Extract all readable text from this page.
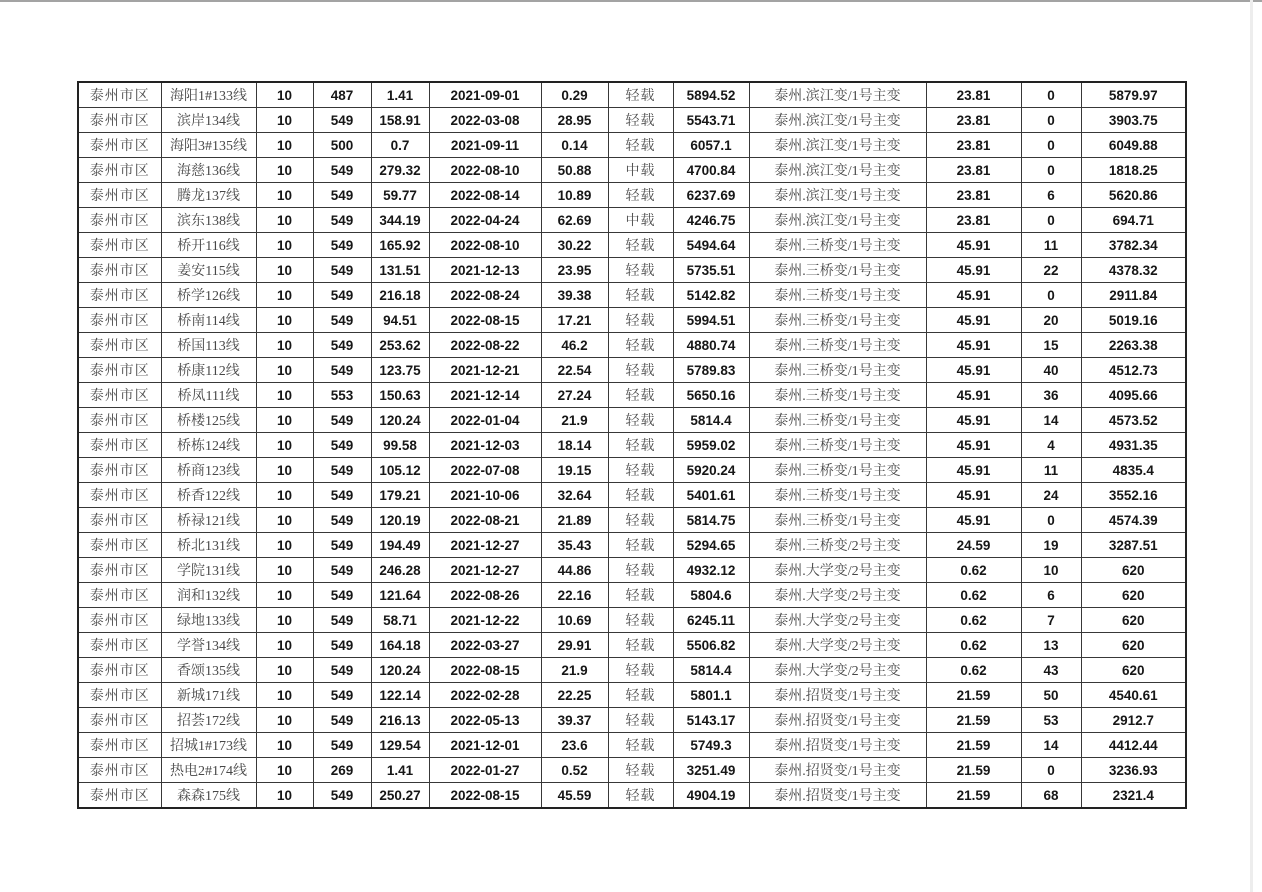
泰州市区	海阳1#133线	10	487	1.41	2021-09-01	0.29	轻载	5894.52	泰州.滨江变/1号主变	23.81	0	5879.97
泰州市区	滨岸134线	10	549	158.91	2022-03-08	28.95	轻载	5543.71	泰州.滨江变/1号主变	23.81	0	3903.75
泰州市区	海阳3#135线	10	500	0.7	2021-09-11	0.14	轻载	6057.1	泰州.滨江变/1号主变	23.81	0	6049.88
泰州市区	海慈136线	10	549	279.32	2022-08-10	50.88	中载	4700.84	泰州.滨江变/1号主变	23.81	0	1818.25
泰州市区	腾龙137线	10	549	59.77	2022-08-14	10.89	轻载	6237.69	泰州.滨江变/1号主变	23.81	6	5620.86
泰州市区	滨东138线	10	549	344.19	2022-04-24	62.69	中载	4246.75	泰州.滨江变/1号主变	23.81	0	694.71
泰州市区	桥开116线	10	549	165.92	2022-08-10	30.22	轻载	5494.64	泰州.三桥变/1号主变	45.91	11	3782.34
泰州市区	姜安115线	10	549	131.51	2021-12-13	23.95	轻载	5735.51	泰州.三桥变/1号主变	45.91	22	4378.32
泰州市区	桥学126线	10	549	216.18	2022-08-24	39.38	轻载	5142.82	泰州.三桥变/1号主变	45.91	0	2911.84
泰州市区	桥南114线	10	549	94.51	2022-08-15	17.21	轻载	5994.51	泰州.三桥变/1号主变	45.91	20	5019.16
泰州市区	桥国113线	10	549	253.62	2022-08-22	46.2	轻载	4880.74	泰州.三桥变/1号主变	45.91	15	2263.38
泰州市区	桥康112线	10	549	123.75	2021-12-21	22.54	轻载	5789.83	泰州.三桥变/1号主变	45.91	40	4512.73
泰州市区	桥凤111线	10	553	150.63	2021-12-14	27.24	轻载	5650.16	泰州.三桥变/1号主变	45.91	36	4095.66
泰州市区	桥楼125线	10	549	120.24	2022-01-04	21.9	轻载	5814.4	泰州.三桥变/1号主变	45.91	14	4573.52
泰州市区	桥栋124线	10	549	99.58	2021-12-03	18.14	轻载	5959.02	泰州.三桥变/1号主变	45.91	4	4931.35
泰州市区	桥商123线	10	549	105.12	2022-07-08	19.15	轻载	5920.24	泰州.三桥变/1号主变	45.91	11	4835.4
泰州市区	桥香122线	10	549	179.21	2021-10-06	32.64	轻载	5401.61	泰州.三桥变/1号主变	45.91	24	3552.16
泰州市区	桥禄121线	10	549	120.19	2022-08-21	21.89	轻载	5814.75	泰州.三桥变/1号主变	45.91	0	4574.39
泰州市区	桥北131线	10	549	194.49	2021-12-27	35.43	轻载	5294.65	泰州.三桥变/2号主变	24.59	19	3287.51
泰州市区	学院131线	10	549	246.28	2021-12-27	44.86	轻载	4932.12	泰州.大学变/2号主变	0.62	10	620
泰州市区	润和132线	10	549	121.64	2022-08-26	22.16	轻载	5804.6	泰州.大学变/2号主变	0.62	6	620
泰州市区	绿地133线	10	549	58.71	2021-12-22	10.69	轻载	6245.11	泰州.大学变/2号主变	0.62	7	620
泰州市区	学誉134线	10	549	164.18	2022-03-27	29.91	轻载	5506.82	泰州.大学变/2号主变	0.62	13	620
泰州市区	香颂135线	10	549	120.24	2022-08-15	21.9	轻载	5814.4	泰州.大学变/2号主变	0.62	43	620
泰州市区	新城171线	10	549	122.14	2022-02-28	22.25	轻载	5801.1	泰州.招贤变/1号主变	21.59	50	4540.61
泰州市区	招荟172线	10	549	216.13	2022-05-13	39.37	轻载	5143.17	泰州.招贤变/1号主变	21.59	53	2912.7
泰州市区	招城1#173线	10	549	129.54	2021-12-01	23.6	轻载	5749.3	泰州.招贤变/1号主变	21.59	14	4412.44
泰州市区	热电2#174线	10	269	1.41	2022-01-27	0.52	轻载	3251.49	泰州.招贤变/1号主变	21.59	0	3236.93
泰州市区	森森175线	10	549	250.27	2022-08-15	45.59	轻载	4904.19	泰州.招贤变/1号主变	21.59	68	2321.4
